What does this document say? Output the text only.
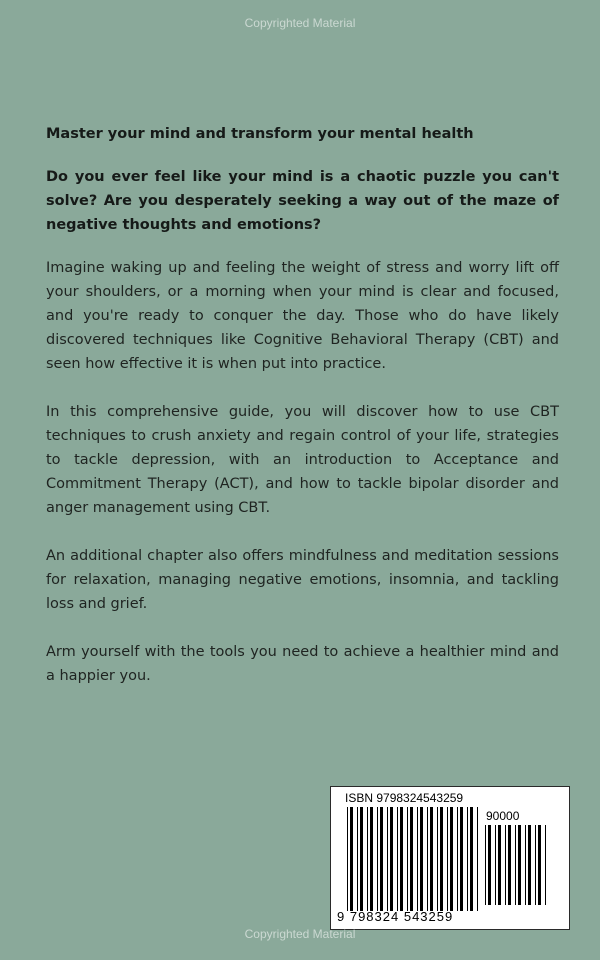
Copyrighted Material

Master your mind and transform your mental health

Do you ever feel like your mind is a chaotic puzzle you can't solve? Are you desperately seeking a way out of the maze of negative thoughts and emotions?

Imagine waking up and feeling the weight of stress and worry lift off your shoulders, or a morning when your mind is clear and focused, and you're ready to conquer the day. Those who do have likely discovered techniques like Cognitive Behavioral Therapy (CBT) and seen how effective it is when put into practice.

In this comprehensive guide, you will discover how to use CBT techniques to crush anxiety and regain control of your life, strategies to tackle depression, with an introduction to Acceptance and Commitment Therapy (ACT), and how to tackle bipolar disorder and anger management using CBT.

An additional chapter also offers mindfulness and meditation sessions for relaxation, managing negative emotions, insomnia, and tackling loss and grief.

Arm yourself with the tools you need to achieve a healthier mind and a happier you.

ISBN 9798324543259
90000
9 798324 543259
Copyrighted Material
